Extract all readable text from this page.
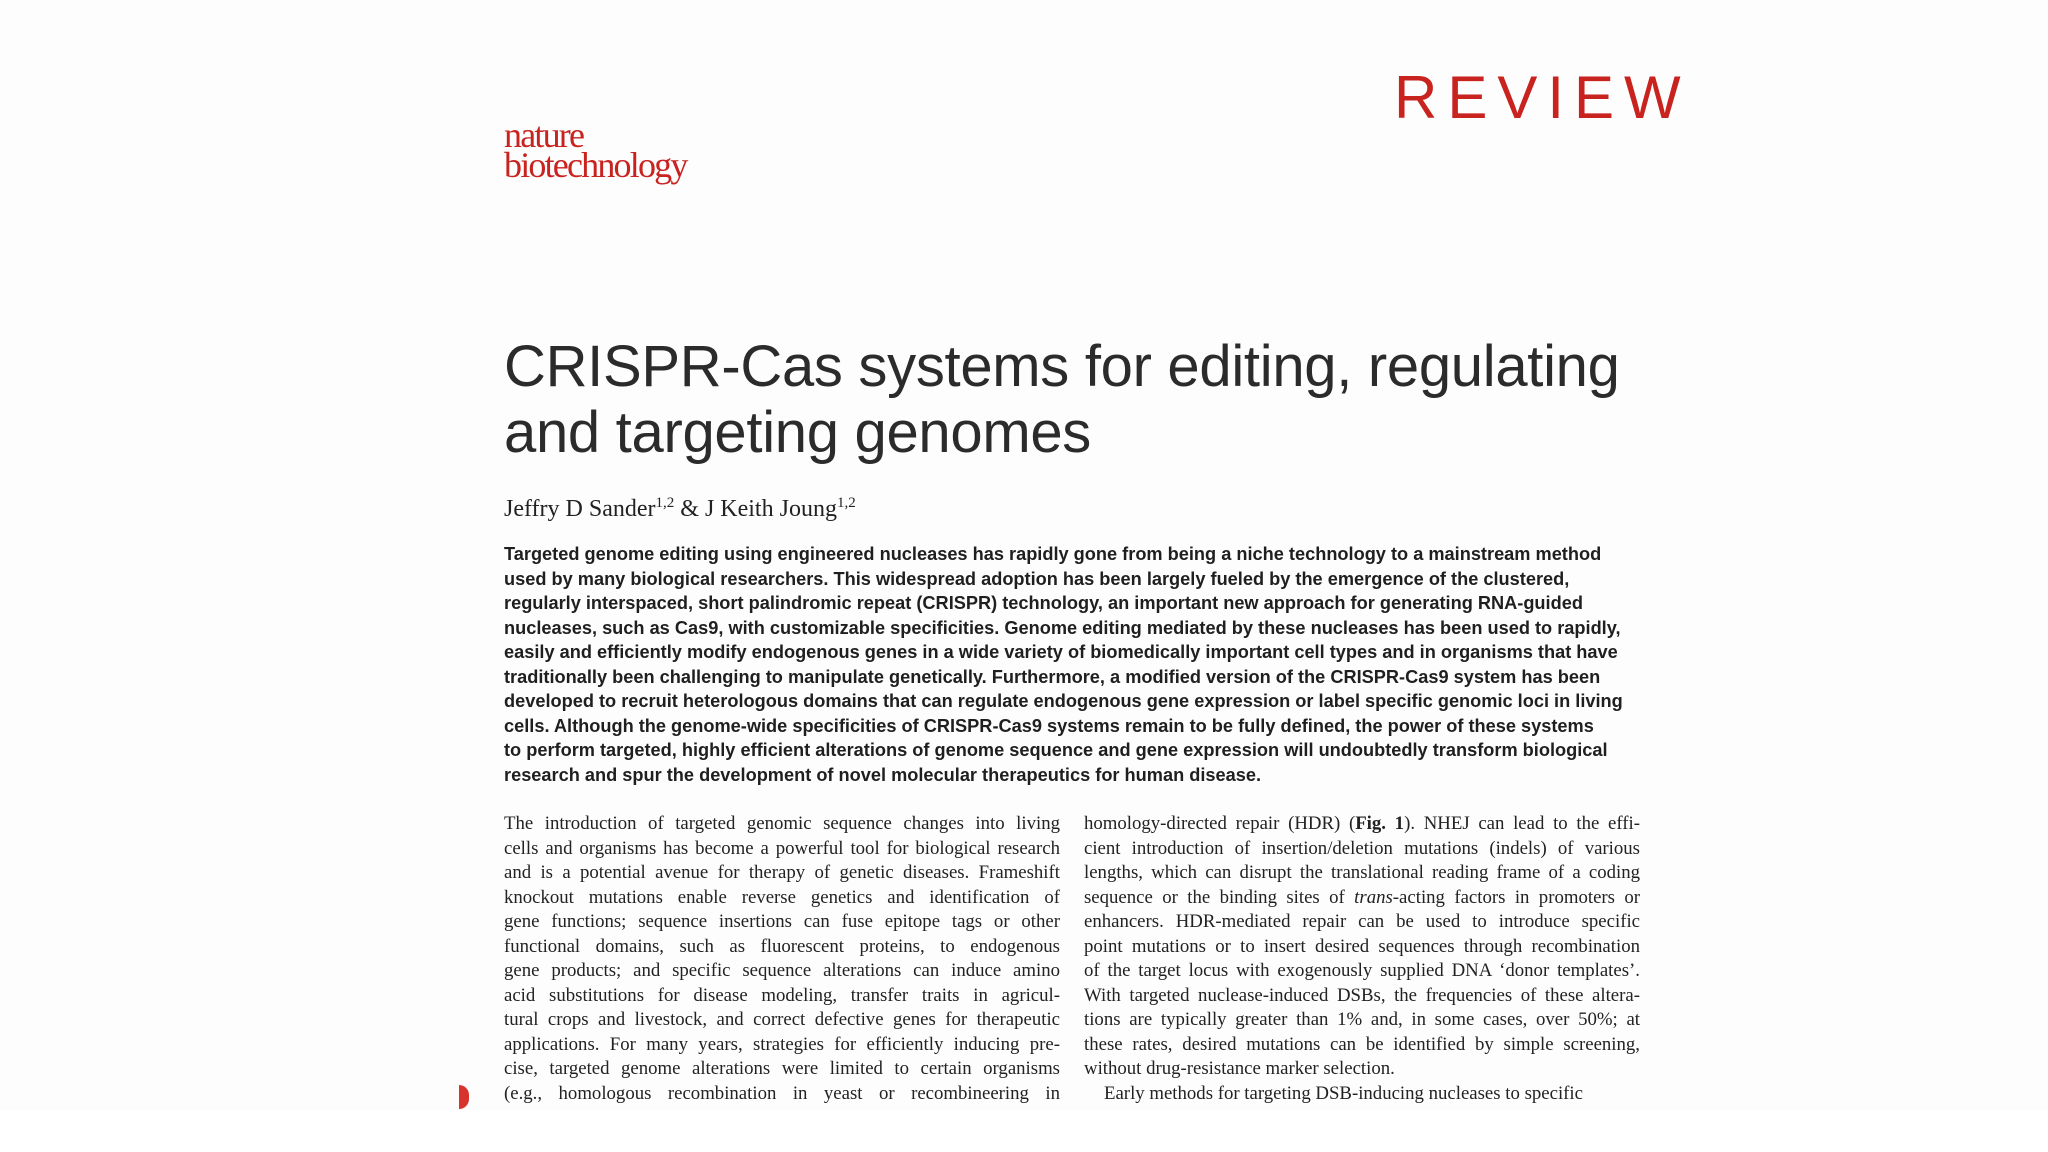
REVIEW
nature
biotechnology
CRISPR-Cas systems for editing, regulating and targeting genomes
Jeffry D Sander$^{1,2}$ & J Keith Joung$^{1,2}$

Targeted genome editing using engineered nucleases has rapidly gone from being a niche technology to a mainstream method
used by many biological researchers. This widespread adoption has been largely fueled by the emergence of the clustered,
regularly interspaced, short palindromic repeat (CRISPR) technology, an important new approach for generating RNA-guided
nucleases, such as Cas9, with customizable specificities. Genome editing mediated by these nucleases has been used to rapidly,
easily and efficiently modify endogenous genes in a wide variety of biomedically important cell types and in organisms that have
traditionally been challenging to manipulate genetically. Furthermore, a modified version of the CRISPR-Cas9 system has been
developed to recruit heterologous domains that can regulate endogenous gene expression or label specific genomic loci in living
cells. Although the genome-wide specificities of CRISPR-Cas9 systems remain to be fully defined, the power of these systems
to perform targeted, highly efficient alterations of genome sequence and gene expression will undoubtedly transform biological
research and spur the development of novel molecular therapeutics for human disease.

The introduction of targeted genomic sequence changes into living
cells and organisms has become a powerful tool for biological research
and is a potential avenue for therapy of genetic diseases. Frameshift
knockout mutations enable reverse genetics and identification of
gene functions; sequence insertions can fuse epitope tags or other
functional domains, such as fluorescent proteins, to endogenous
gene products; and specific sequence alterations can induce amino
acid substitutions for disease modeling, transfer traits in agricul-
tural crops and livestock, and correct defective genes for therapeutic
applications. For many years, strategies for efficiently inducing pre-
cise, targeted genome alterations were limited to certain organisms
(e.g., homologous recombination in yeast or recombineering in
homology-directed repair (HDR) (Fig. 1). NHEJ can lead to the effi-
cient introduction of insertion/deletion mutations (indels) of various
lengths, which can disrupt the translational reading frame of a coding
sequence or the binding sites of trans-acting factors in promoters or
enhancers. HDR-mediated repair can be used to introduce specific
point mutations or to insert desired sequences through recombination
of the target locus with exogenously supplied DNA ‘donor templates’.
With targeted nuclease-induced DSBs, the frequencies of these altera-
tions are typically greater than 1% and, in some cases, over 50%; at
these rates, desired mutations can be identified by simple screening,
without drug-resistance marker selection.
Early methods for targeting DSB-inducing nucleases to specific
